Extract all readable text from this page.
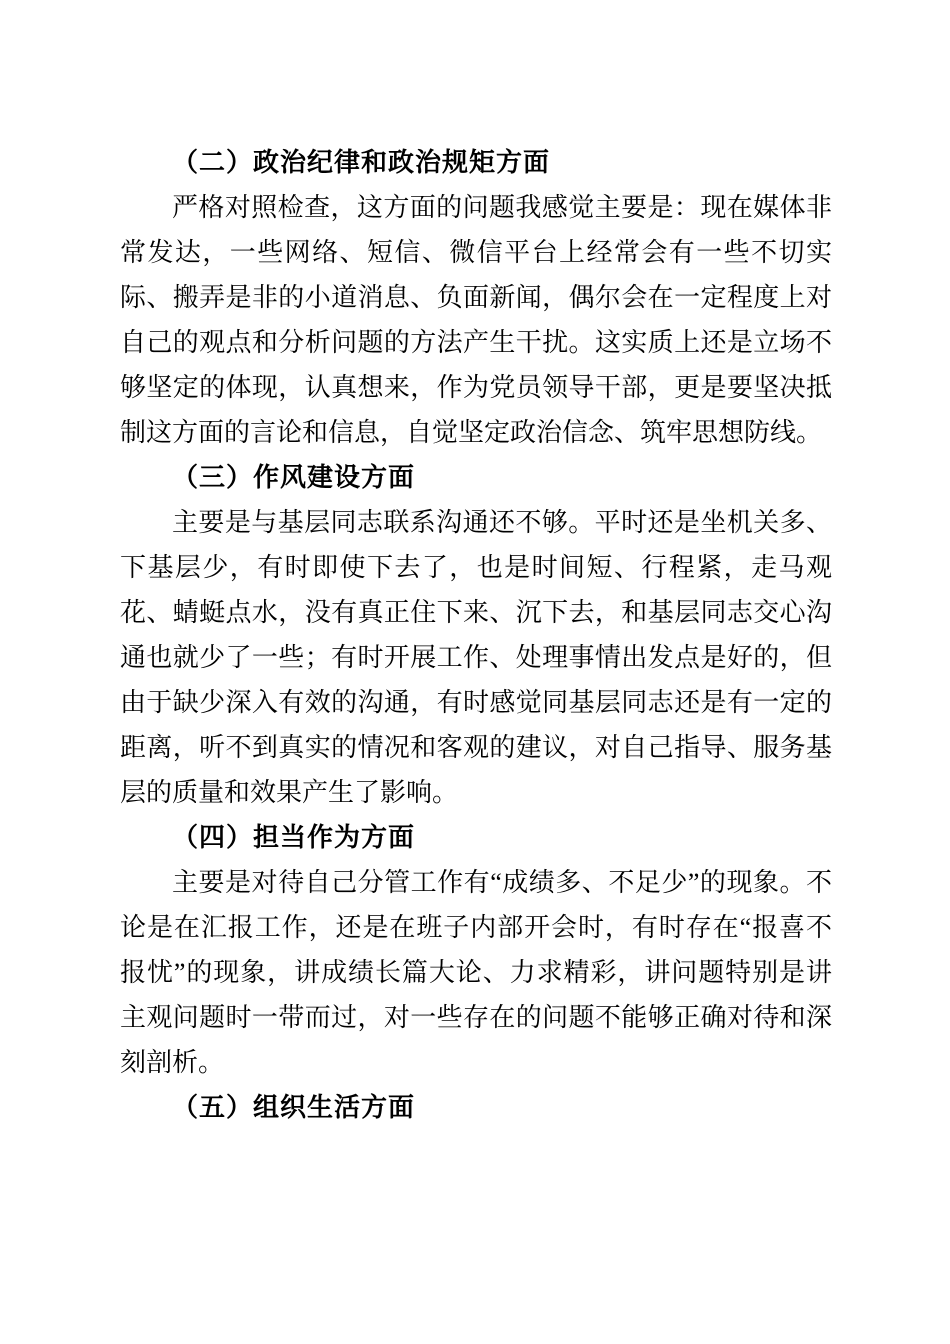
（二）政治纪律和政治规矩方面

严格对照检查，这方面的问题我感觉主要是：现在媒体非常发达，一些网络、短信、微信平台上经常会有一些不切实际、搬弄是非的小道消息、负面新闻，偶尔会在一定程度上对自己的观点和分析问题的方法产生干扰。这实质上还是立场不够坚定的体现，认真想来，作为党员领导干部，更是要坚决抵制这方面的言论和信息，自觉坚定政治信念、筑牢思想防线。

（三）作风建设方面

主要是与基层同志联系沟通还不够。平时还是坐机关多、下基层少，有时即使下去了，也是时间短、行程紧，走马观花、蜻蜓点水，没有真正住下来、沉下去，和基层同志交心沟通也就少了一些；有时开展工作、处理事情出发点是好的，但由于缺少深入有效的沟通，有时感觉同基层同志还是有一定的距离，听不到真实的情况和客观的建议，对自己指导、服务基层的质量和效果产生了影响。

（四）担当作为方面

主要是对待自己分管工作有“成绩多、不足少”的现象。不论是在汇报工作，还是在班子内部开会时，有时存在“报喜不报忧”的现象，讲成绩长篇大论、力求精彩，讲问题特别是讲主观问题时一带而过，对一些存在的问题不能够正确对待和深刻剖析。

（五）组织生活方面
